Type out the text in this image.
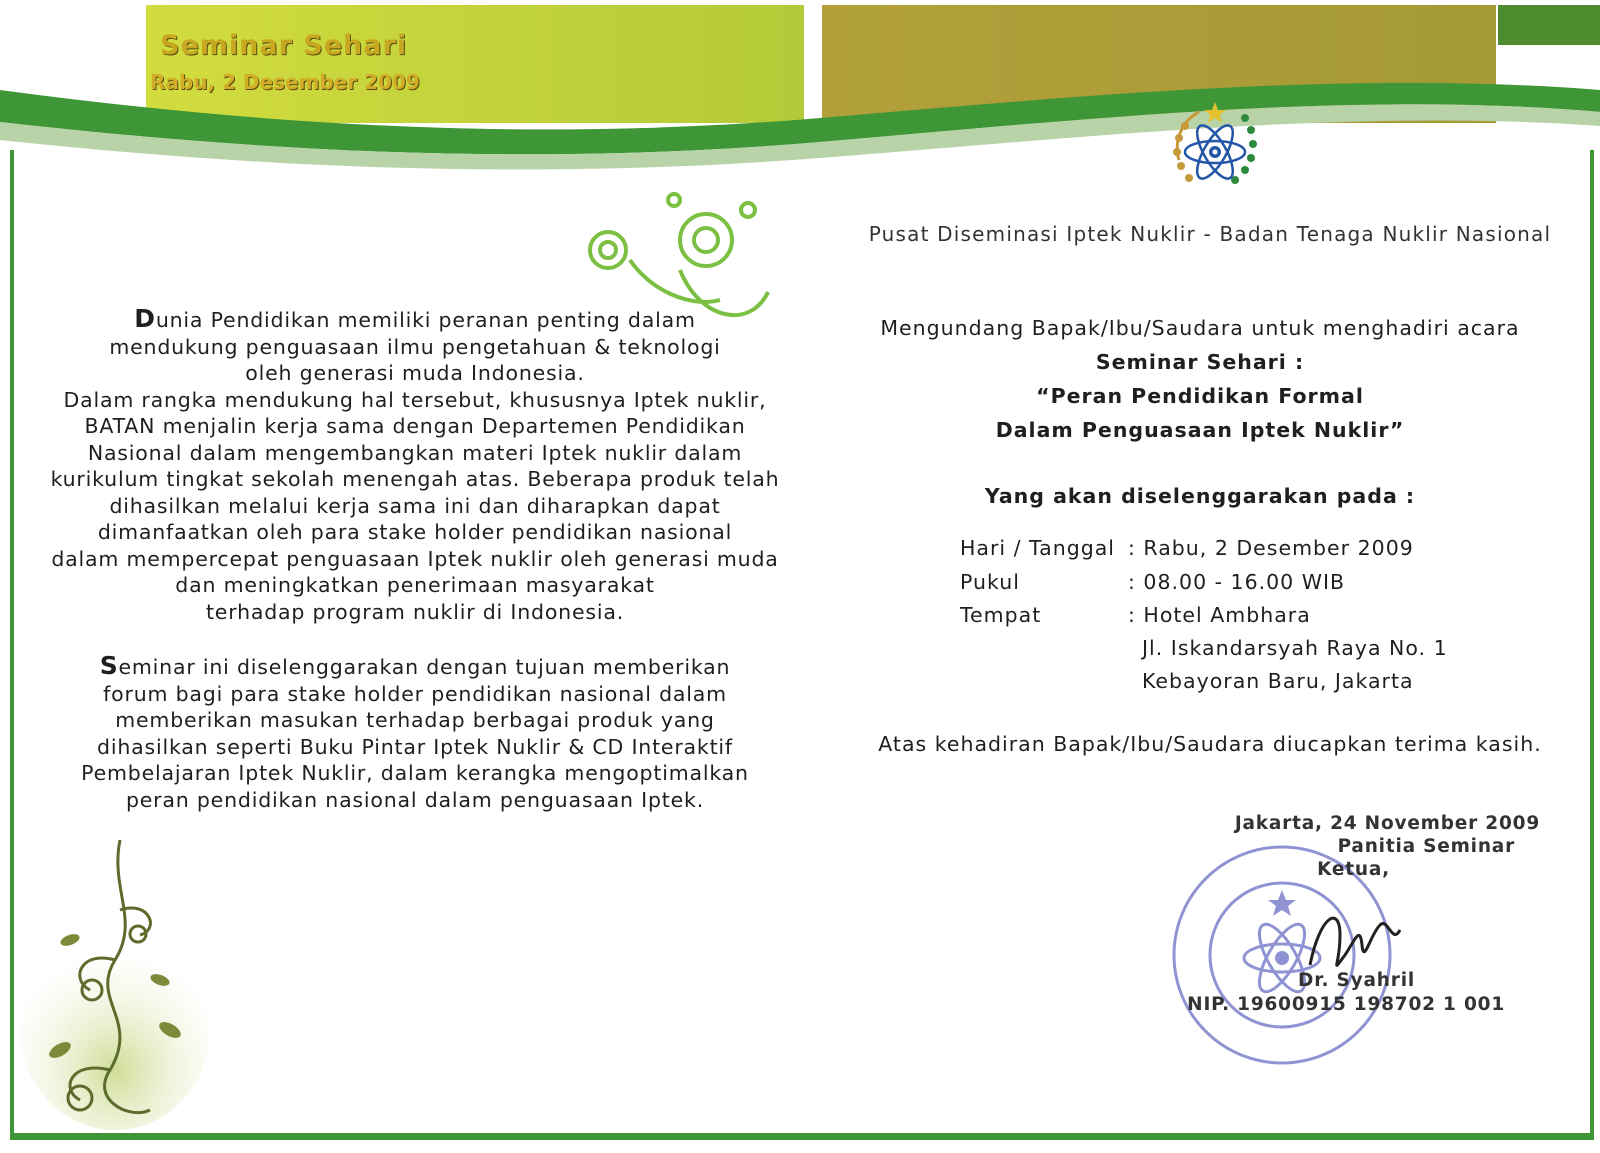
Seminar Sehari
Rabu, 2 Desember 2009

Dunia Pendidikan memiliki peranan penting dalam

mendukung penguasaan ilmu pengetahuan & teknologi

oleh generasi muda Indonesia.

Dalam rangka mendukung hal tersebut, khususnya Iptek nuklir,

BATAN menjalin kerja sama dengan Departemen Pendidikan

Nasional dalam mengembangkan materi Iptek nuklir dalam

kurikulum tingkat sekolah menengah atas. Beberapa produk telah

dihasilkan melalui kerja sama ini dan diharapkan dapat

dimanfaatkan oleh para stake holder pendidikan nasional

dalam mempercepat penguasaan Iptek nuklir oleh generasi muda

dan meningkatkan penerimaan masyarakat

terhadap program nuklir di Indonesia.

Seminar ini diselenggarakan dengan tujuan memberikan

forum bagi para stake holder pendidikan nasional dalam

memberikan masukan terhadap berbagai produk yang

dihasilkan seperti Buku Pintar Iptek Nuklir & CD Interaktif

Pembelajaran Iptek Nuklir, dalam kerangka mengoptimalkan

peran pendidikan nasional dalam penguasaan Iptek.

Pusat Diseminasi Iptek Nuklir - Badan Tenaga Nuklir Nasional
Mengundang Bapak/Ibu/Saudara untuk menghadiri acara
Seminar Sehari :
“Peran Pendidikan Formal
Dalam Penguasaan Iptek Nuklir”
Yang akan diselenggarakan pada :
Hari / Tanggal : Rabu, 2 Desember 2009
Pukul	: 08.00 - 16.00 WIB
Tempat	: Hotel Ambhara
Jl. Iskandarsyah Raya No. 1
Kebayoran Baru, Jakarta
Atas kehadiran Bapak/Ibu/Saudara diucapkan terima kasih.
Jakarta, 24 November 2009
Panitia Seminar
Ketua,
Dr. Syahril
NIP. 19600915 198702 1 001
